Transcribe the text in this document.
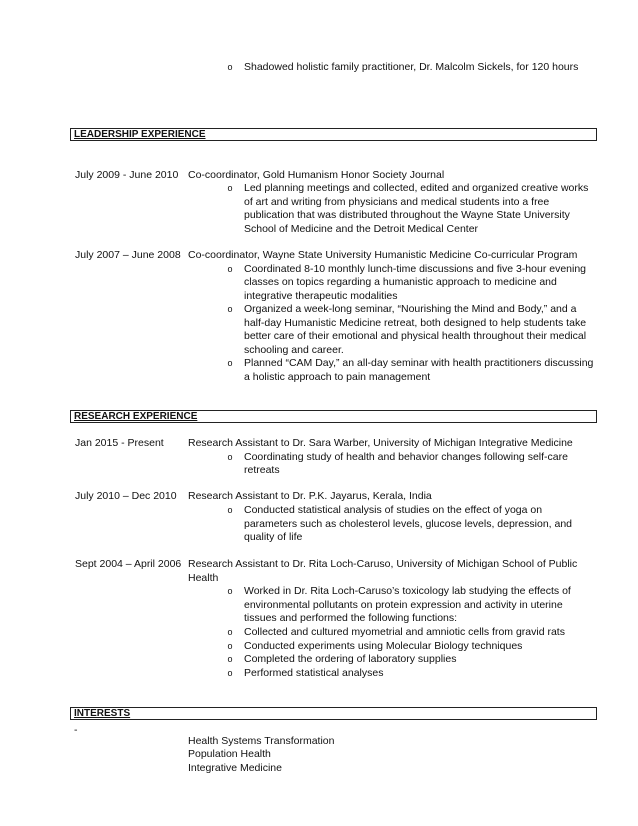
o Shadowed holistic family practitioner, Dr. Malcolm Sickels, for 120 hours
LEADERSHIP EXPERIENCE
July 2009 - June 2010 Co-coordinator, Gold Humanism Honor Society Journal
o Led planning meetings and collected, edited and organized creative works
of art and writing from physicians and medical students into a free
publication that was distributed throughout the Wayne State University
School of Medicine and the Detroit Medical Center
July 2007 – June 2008 Co-coordinator, Wayne State University Humanistic Medicine Co-curricular Program
o Coordinated 8-10 monthly lunch-time discussions and five 3-hour evening
classes on topics regarding a humanistic approach to medicine and
integrative therapeutic modalities
o Organized a week-long seminar, “Nourishing the Mind and Body,” and a
half-day Humanistic Medicine retreat, both designed to help students take
better care of their emotional and physical health throughout their medical
schooling and career.
o Planned “CAM Day,” an all-day seminar with health practitioners discussing
a holistic approach to pain management
RESEARCH EXPERIENCE
Jan 2015 - Present Research Assistant to Dr. Sara Warber, University of Michigan Integrative Medicine
o Coordinating study of health and behavior changes following self-care
retreats
July 2010 – Dec 2010 Research Assistant to Dr. P.K. Jayarus, Kerala, India
o Conducted statistical analysis of studies on the effect of yoga on
parameters such as cholesterol levels, glucose levels, depression, and
quality of life
Sept 2004 – April 2006 Research Assistant to Dr. Rita Loch-Caruso, University of Michigan School of Public
Health
o Worked in Dr. Rita Loch-Caruso’s toxicology lab studying the effects of
environmental pollutants on protein expression and activity in uterine
tissues and performed the following functions:
o Collected and cultured myometrial and amniotic cells from gravid rats
o Conducted experiments using Molecular Biology techniques
o Completed the ordering of laboratory supplies
o Performed statistical analyses
INTERESTS
-
Health Systems Transformation
Population Health
Integrative Medicine
